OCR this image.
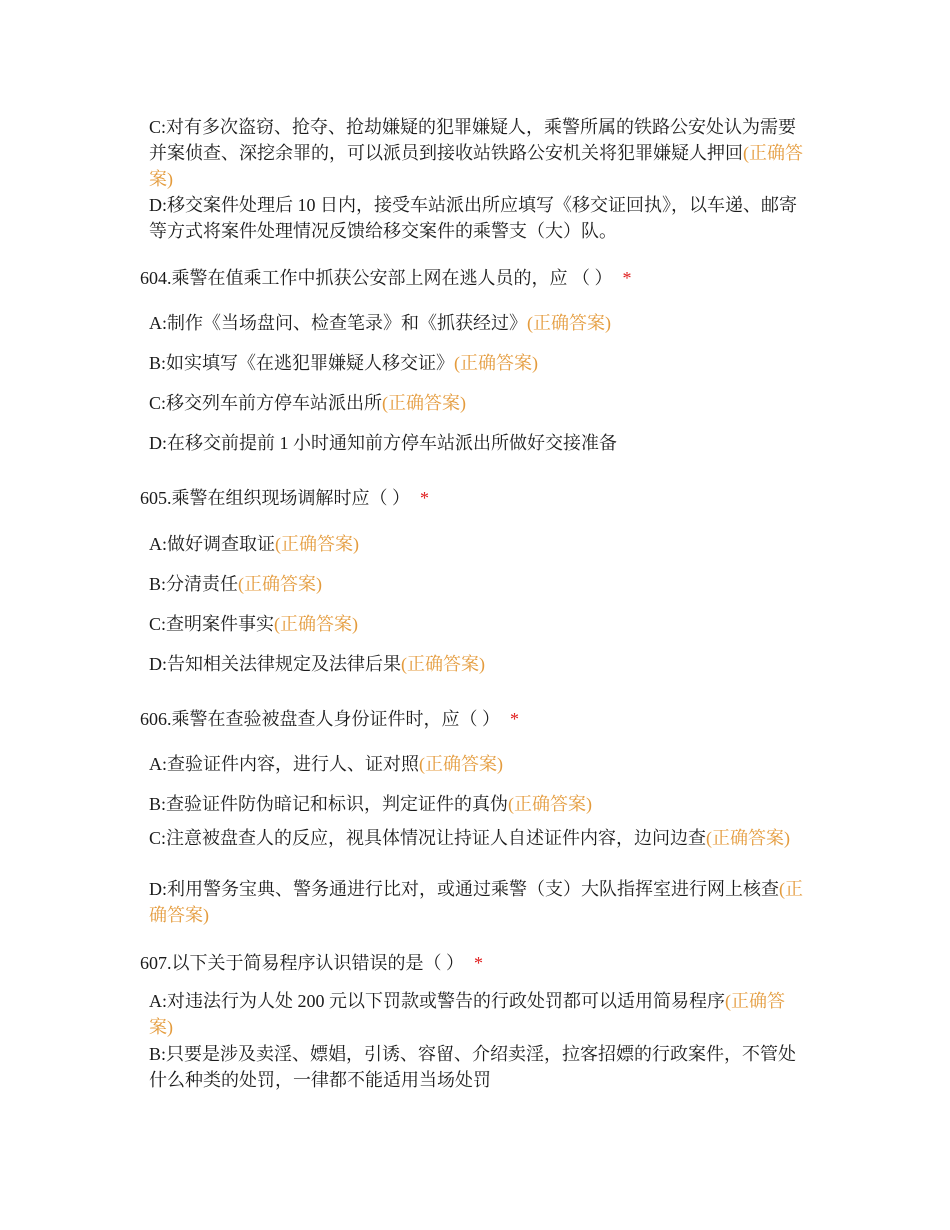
C:对有多次盗窃、抢夺、抢劫嫌疑的犯罪嫌疑人，乘警所属的铁路公安处认为需要并案侦查、深挖余罪的，可以派员到接收站铁路公安机关将犯罪嫌疑人押回(正确答案)
D:移交案件处理后 10 日内，接受车站派出所应填写《移交证回执》，以车递、邮寄等方式将案件处理情况反馈给移交案件的乘警支（大）队。
604.乘警在值乘工作中抓获公安部上网在逃人员的，应 （ ） *
A:制作《当场盘问、检查笔录》和《抓获经过》(正确答案)
B:如实填写《在逃犯罪嫌疑人移交证》(正确答案)
C:移交列车前方停车站派出所(正确答案)
D:在移交前提前 1 小时通知前方停车站派出所做好交接准备
605.乘警在组织现场调解时应（ ） *
A:做好调查取证(正确答案)
B:分清责任(正确答案)
C:查明案件事实(正确答案)
D:告知相关法律规定及法律后果(正确答案)
606.乘警在查验被盘查人身份证件时，应（ ） *
A:查验证件内容，进行人、证对照(正确答案)
B:查验证件防伪暗记和标识，判定证件的真伪(正确答案)
C:注意被盘查人的反应，视具体情况让持证人自述证件内容，边问边查(正确答案)
D:利用警务宝典、警务通进行比对，或通过乘警（支）大队指挥室进行网上核查(正确答案)
607.以下关于简易程序认识错误的是（ ） *
A:对违法行为人处 200 元以下罚款或警告的行政处罚都可以适用简易程序(正确答案)
B:只要是涉及卖淫、嫖娼，引诱、容留、介绍卖淫，拉客招嫖的行政案件，不管处什么种类的处罚，一律都不能适用当场处罚
